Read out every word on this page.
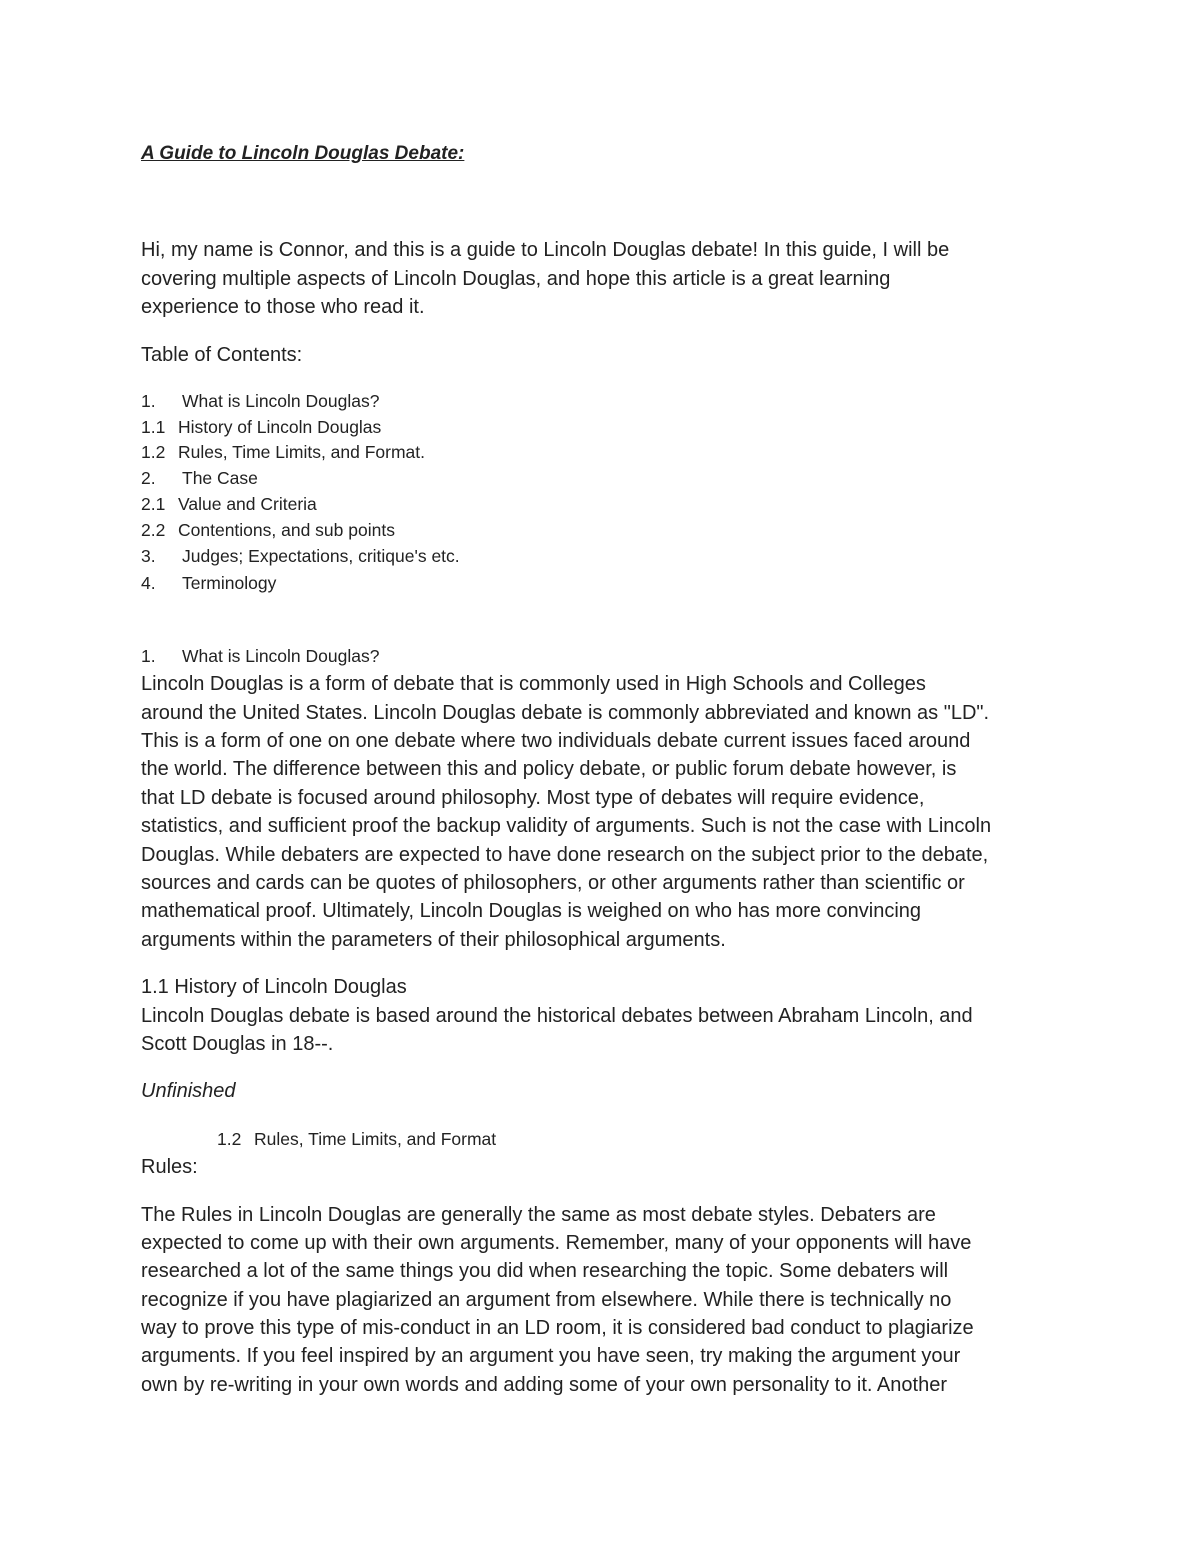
A Guide to Lincoln Douglas Debate:

Hi, my name is Connor, and this is a guide to Lincoln Douglas debate! In this guide, I will be

covering multiple aspects of Lincoln Douglas, and hope this article is a great learning

experience to those who read it.

Table of Contents:

1. What is Lincoln Douglas?

1.1 History of Lincoln Douglas

1.2 Rules, Time Limits, and Format.

2. The Case

2.1 Value and Criteria

2.2 Contentions, and sub points

3. Judges; Expectations, critique's etc.

4. Terminology

1. What is Lincoln Douglas?

Lincoln Douglas is a form of debate that is commonly used in High Schools and Colleges

around the United States. Lincoln Douglas debate is commonly abbreviated and known as "LD".

This is a form of one on one debate where two individuals debate current issues faced around

the world. The difference between this and policy debate, or public forum debate however, is

that LD debate is focused around philosophy. Most type of debates will require evidence,

statistics, and sufficient proof the backup validity of arguments. Such is not the case with Lincoln

Douglas. While debaters are expected to have done research on the subject prior to the debate,

sources and cards can be quotes of philosophers, or other arguments rather than scientific or

mathematical proof. Ultimately, Lincoln Douglas is weighed on who has more convincing

arguments within the parameters of their philosophical arguments.

1.1 History of Lincoln Douglas

Lincoln Douglas debate is based around the historical debates between Abraham Lincoln, and

Scott Douglas in 18--.

Unfinished

1.2 Rules, Time Limits, and Format

Rules:

The Rules in Lincoln Douglas are generally the same as most debate styles. Debaters are

expected to come up with their own arguments. Remember, many of your opponents will have

researched a lot of the same things you did when researching the topic. Some debaters will

recognize if you have plagiarized an argument from elsewhere. While there is technically no

way to prove this type of mis-conduct in an LD room, it is considered bad conduct to plagiarize

arguments. If you feel inspired by an argument you have seen, try making the argument your

own by re-writing in your own words and adding some of your own personality to it. Another
